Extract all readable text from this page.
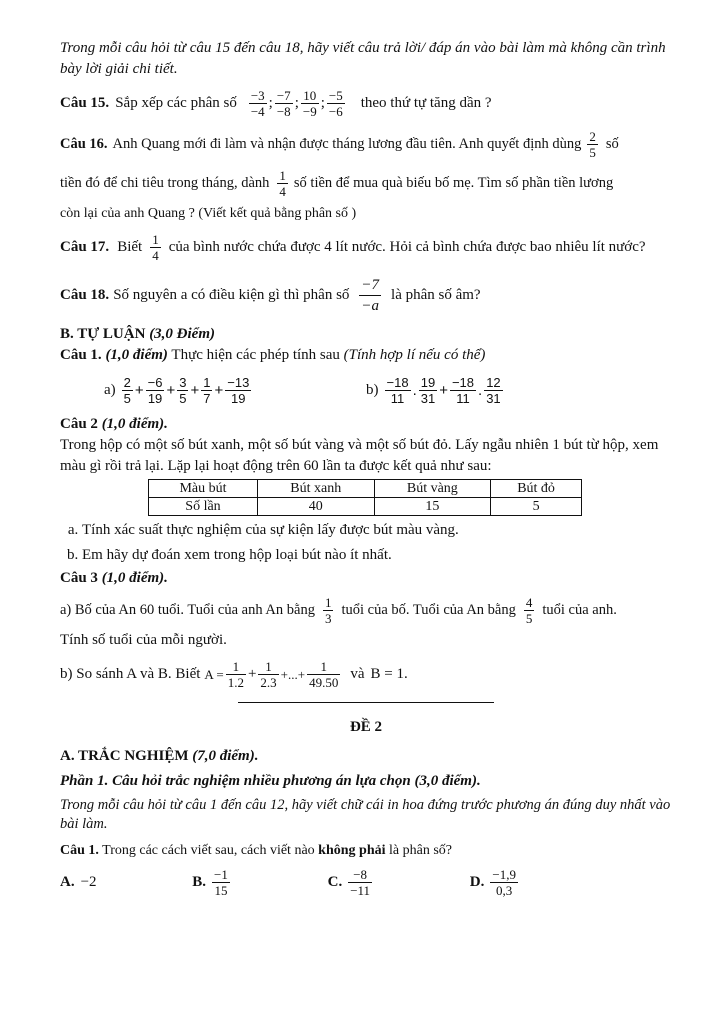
Trong mỗi câu hỏi từ câu 15 đến câu 18, hãy viết câu trả lời/ đáp án vào bài làm mà không cần trình bày lời giải chi tiết.

Câu 15. Sắp xếp các phân số $\frac{-3}{-4}$ ; $\frac{-7}{-8}$ ; $\frac{10}{-9}$ ; $\frac{-5}{-6}$ theo thứ tự tăng dần ?
Câu 16. Anh Quang mới đi làm và nhận được tháng lương đầu tiên. Anh quyết định dùng $\frac{2}{5}$ số
tiền đó để chi tiêu trong tháng, dành $\frac{1}{4}$ số tiền để mua quà biếu bố mẹ. Tìm số phần tiền lương

còn lại của anh Quang ? (Viết kết quả bằng phân số )

Câu 17. Biết $\frac{1}{4}$ của bình nước chứa được 4 lít nước. Hỏi cả bình chứa được bao nhiêu lít nước?
Câu 18. Số nguyên a có điều kiện gì thì phân số $\frac{-7}{-a}$ là phân số âm?

B. TỰ LUẬN (3,0 Điểm)

Câu 1. (1,0 điểm) Thực hiện các phép tính sau (Tính hợp lí nếu có thể)

$a) \frac{2}{5} + \frac{-6}{19} + \frac{3}{5} + \frac{1}{7} + \frac{-13}{19}$	$b) \frac{-18}{11}$ . $\frac{19}{31} + \frac{-18}{11}$ . $\frac{12}{31}$

Câu 2 (1,0 điểm).

Trong hộp có một số bút xanh, một số bút vàng và một số bút đỏ. Lấy ngẫu nhiên 1 bút từ hộp, xem màu gì rồi trả lại. Lặp lại hoạt động trên 60 lần ta được kết quả như sau:

Màu bút	Bút xanh	Bút vàng	Bút đỏ
Số lần	40	15	5
a. Tính xác suất thực nghiệm của sự kiện lấy được bút màu vàng.
b. Em hãy dự đoán xem trong hộp loại bút nào ít nhất.

Câu 3 (1,0 điểm).

a) Bố của An 60 tuổi. Tuổi của anh An bằng $\frac{1}{3}$ tuổi của bố. Tuổi của An bằng $\frac{4}{5}$ tuổi của anh.

Tính số tuổi của mỗi người.

b) So sánh A và B. Biết $A = \frac{1}{1.2} + \frac{1}{2.3}$ +...+ $\frac{1}{49.50}$ và B = 1.

ĐỀ 2

A. TRẮC NGHIỆM (7,0 điểm).

Phần 1. Câu hỏi trắc nghiệm nhiều phương án lựa chọn (3,0 điểm).

Trong mỗi câu hỏi từ câu 1 đến câu 12, hãy viết chữ cái in hoa đứng trước phương án đúng duy nhất vào bài làm.

Câu 1. Trong các cách viết sau, cách viết nào không phải là phân số?

A. −2	B. $\frac{-1}{15}$	C. $\frac{-8}{-11}$	D. $\frac{-1,9}{0,3}$
